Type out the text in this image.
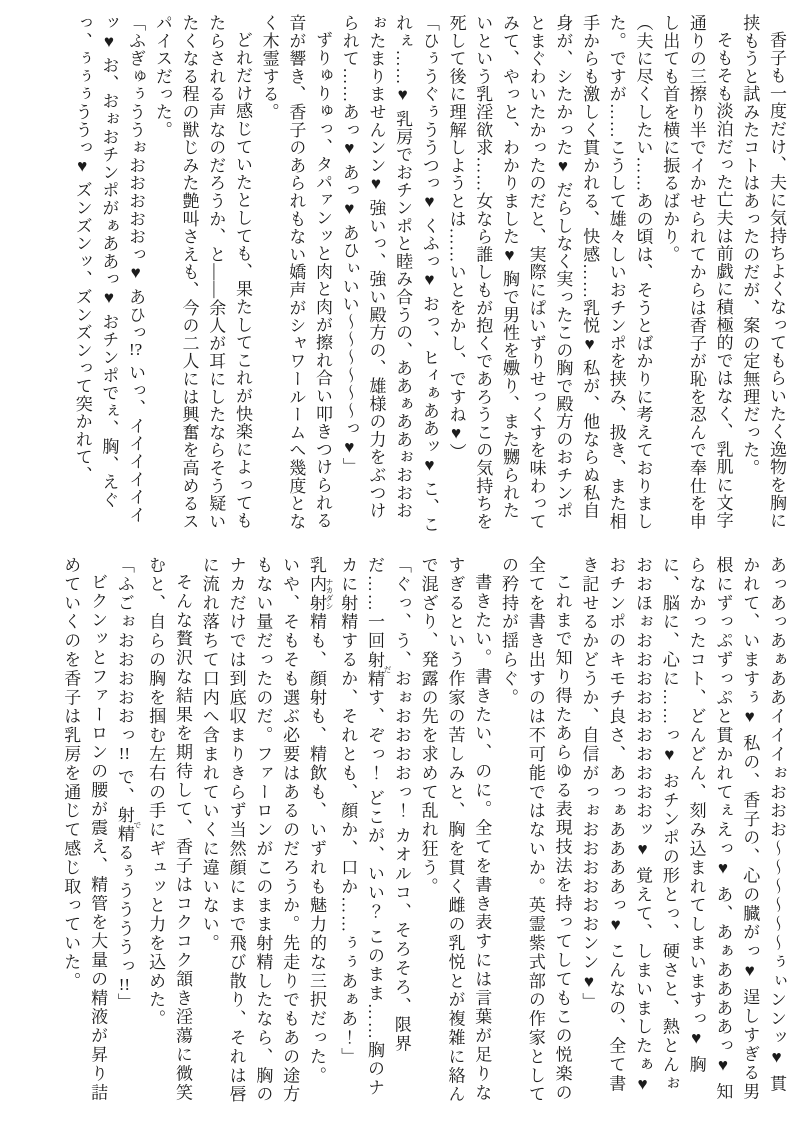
香子も一度だけ、夫に気持ちよくなってもらいたく逸物を胸に挟もうと試みたコトはあったのだが、案の定無理だった。

そもそも淡泊だった亡夫は前戯に積極的ではなく、乳肌に文字通りの三擦り半でイかせられてからは香子が恥を忍んで奉仕を申し出ても首を横に振るばかり。

（夫に尽くしたい……あの頃は、そうとばかりに考えておりました。ですが……こうして雄々しいおチンポを挟み、扱き、また相手からも激しく貫かれる、快感……乳悦♥ 私が、他ならぬ私自身が、シたかった♥ だらしなく実ったこの胸で殿方のおチンポとまぐわいたかったのだと、実際にぱいずりせっくすを味わってみて、やっと、わかりました♥ 胸で男性を嫐り、また嬲られたいという乳淫欲求……女なら誰しもが抱くであろうこの気持ちを死して後に理解しようとは……いとをかし、ですね♥）

「ひぅうぐぅううつっ♥ くふっ♥ おっ、ヒィぁああッ♥ こ、これぇ……♥ 乳房でおチンポと睦み合うの、ああぁああぉおおおぉたまりませんンン♥ 強いっ、強い殿方の、雄様の力をぶつけられて……あっ♥ あっ♥ あひぃいい〜〜〜〜〜〜っ♥」

ずりゅりゅっ、タパァンッと肉と肉が擦れ合い叩きつけられる音が響き、香子のあられもない嬌声がシャワールームへ幾度となく木霊する。

どれだけ感じていたとしても、果たしてこれが快楽によってもたらされる声なのだろうか、と――余人が耳にしたならそう疑いたくなる程の獣じみた艶叫さえも、今の二人には興奮を高めるスパイスだった。

「ふぎゅぅううぉおおおおおっ♥ あひっ!? いっ、イイイイイイッ♥ お、おぉおチンポがぁああっ♥ おチンポでぇ、胸、えぐっ、ぅぅぅううっ♥ ズンズンッ、ズンズンって突かれて、

あっあっあぁああイイイぉおおお〜〜〜〜〜〜ぅぃンンッ♥ 貫かれて、いますぅ♥ 私の、香子の、心の臓がっ♥ 逞しすぎる男根にずっぷずっぷと貫かれてぇえっ♥ あ、あぁああああっ♥ 知らなかったコト、どんどん、刻み込まれてしまいますっ♥ 胸に、脳に、心に……っ♥ おチンポの形とっ、硬さと、熱とんぉおおほぉおおおおおおおおおおッ♥ 覚えて、しまいましたぁ♥ おチンポのキモチ良さ、あっぁああああっ♥ こんなの、全て書き記せるかどうか、自信がっぉおおおおおおンン♥」

これまで知り得たあらゆる表現技法を持ってしてもこの悦楽の全てを書き出すのは不可能ではないか。英霊紫式部の作家としての矜持が揺らぐ。

書きたい。書きたい、のに。全てを書き表すには言葉が足りなすぎるという作家の苦しみと、胸を貫く雌の乳悦とが複雑に絡んで混ざり、発露の先を求めて乱れ狂う。

「ぐっ、う、おぉおおおおっ！ カオルコ、そろそろ、限界だ……一回射精 だす、ぞっ！ どこが、いい？ このまま……胸のナカに射精するか、それとも、顔か、口か……ぅぅあぁあ！」

乳内射精 ナカダシも、顔射も、精飲も、いずれも魅力的な三択だった。

いや、そもそも選ぶ必要はあるのだろうか。先走りでもあの途方もない量だったのだ。ファーロンがこのまま射精したなら、胸のナカだけでは到底収まりきらず当然顔にまで飛び散り、それは唇に流れ落ちて口内へ含まれていくに違いない。

そんな贅沢な結果を期待して、香子はコクコク頷き淫蕩に微笑むと、自らの胸を掴む左右の手にギュッと力を込めた。

「ふごぉおおおおおっ!! で、射精 でるぅううううっ!!」

ビクンッとファーロンの腰が震え、精管を大量の精液が昇り詰めていくのを香子は乳房を通じて感じ取っていた。
